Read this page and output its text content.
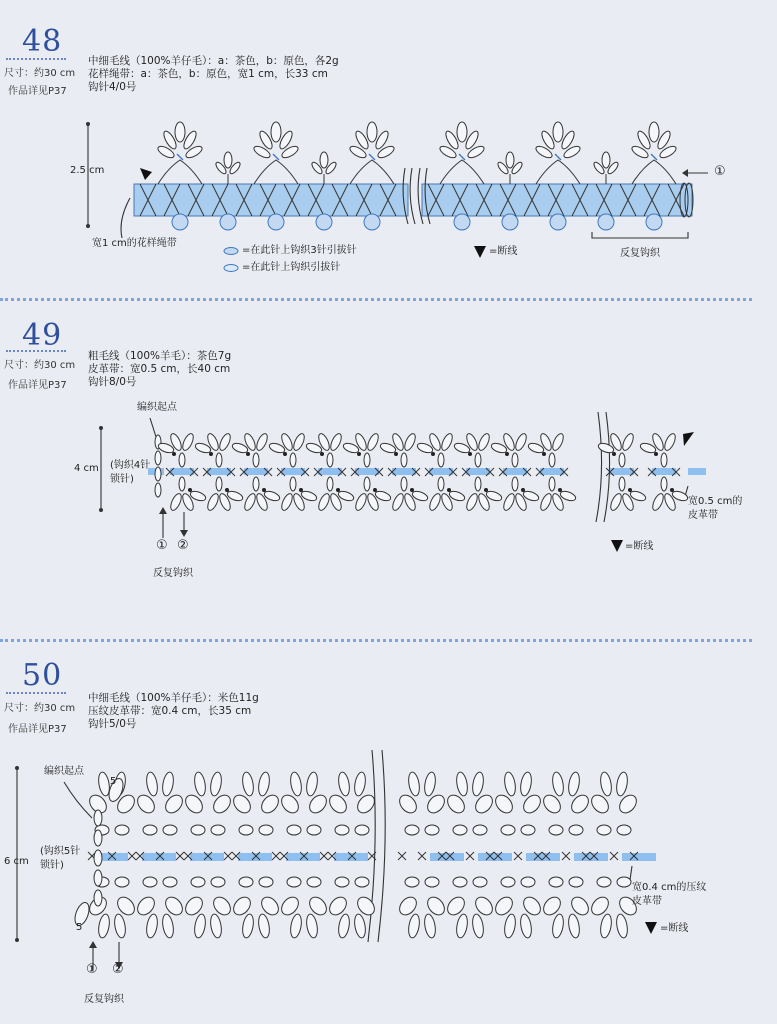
48
尺寸：约30 cm
作品详见P37
中细毛线（100%羊仔毛）：a：茶色，b：原色，各2g
花样绳带：a：茶色，b：原色，宽1 cm，长33 cm
钩针4/0号
2.5 cm
宽1 cm的花样绳带
=在此针上钩织3针引拔针
=在此针上钩织引拔针
=断线	反复钩织
①
49
尺寸：约30 cm
作品详见P37
粗毛线（100%羊毛）：茶色7g
皮革带：宽0.5 cm，长40 cm
钩针8/0号
编织起点
4 cm (钩织4针
锁针)
宽0.5 cm的
皮革带
=断线
① ②
反复钩织
50
尺寸：约30 cm
作品详见P37
中细毛线（100%羊仔毛）：米色11g
压纹皮革带：宽0.4 cm，长35 cm
钩针5/0号
编织起点
6 cm
(钩织5针
锁针)
5
5
宽0.4 cm的压纹
皮革带
=断线
① ②
反复钩织
